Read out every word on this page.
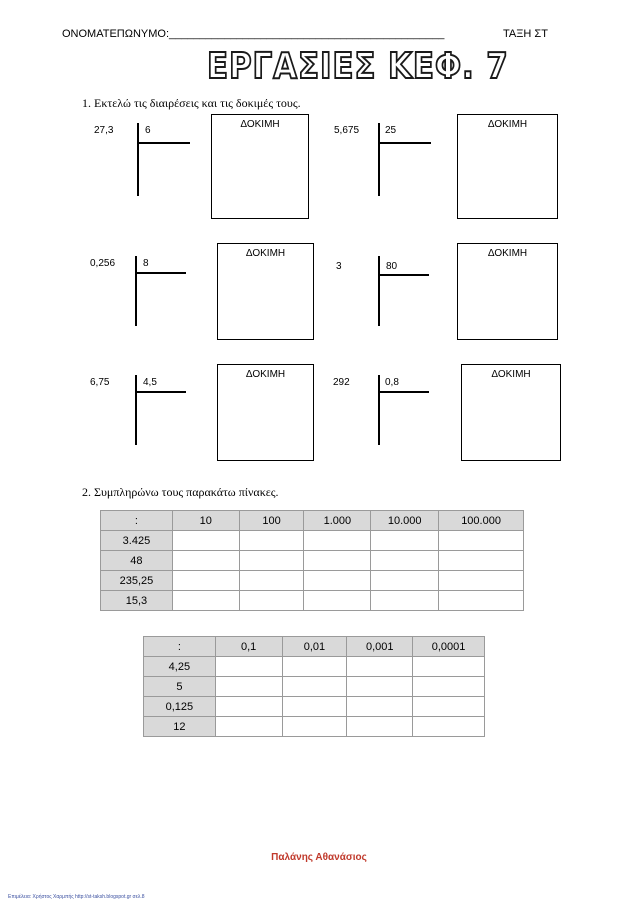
ΟΝΟΜΑΤΕΠΩΝΥΜΟ:_____________________________________________	ΤΑΞΗ ΣΤ
ΕΡΓΑΣΙΕΣ ΚΕΦ. 7
1. Εκτελώ τις διαιρέσεις και τις δοκιμές τους.
27,3	6
ΔΟΚΙΜΗ
5,675	25
ΔΟΚΙΜΗ
0,256	8
ΔΟΚΙΜΗ
3	80
ΔΟΚΙΜΗ
6,75	4,5
ΔΟΚΙΜΗ
292	0,8
ΔΟΚΙΜΗ
2. Συμπληρώνω τους παρακάτω πίνακες.
:	10	100	1.000	10.000	100.000
3.425					
48					
235,25					
15,3					
:	0,1	0,01	0,001	0,0001
4,25				
5				
0,125				
12				
Παλάνης Αθανάσιος
Επιμέλεια: Χρήστος Χαρμπής http://st-taksh.blogspot.gr σελ.8
